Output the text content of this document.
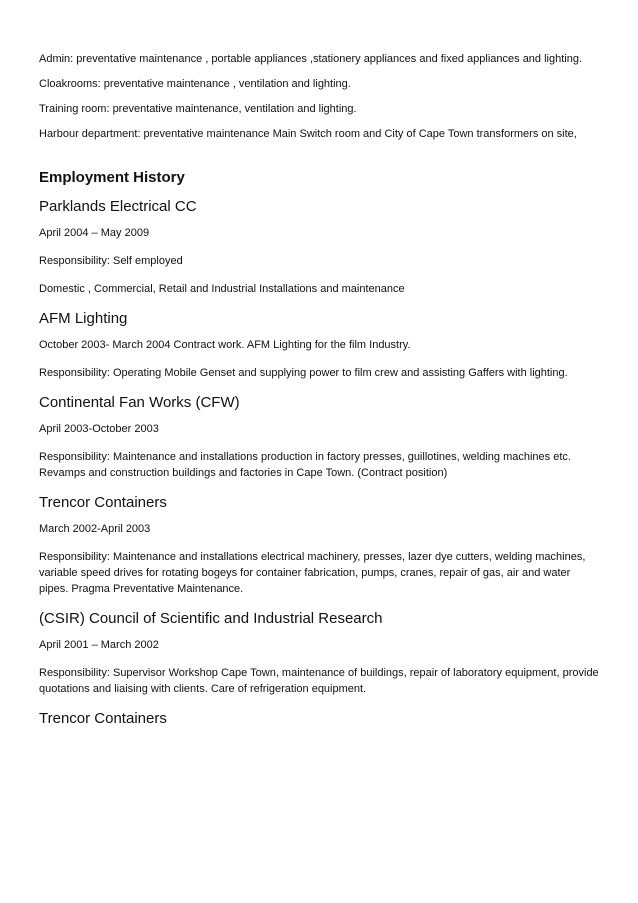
Admin: preventative maintenance , portable appliances ,stationery appliances and fixed appliances and lighting.

Cloakrooms: preventative maintenance , ventilation and lighting.

Training room: preventative maintenance, ventilation and lighting.

Harbour department: preventative maintenance Main Switch room and City of Cape Town transformers on site,

Employment History
Parklands Electrical CC
April 2004 – May 2009
Responsibility: Self employed
Domestic , Commercial, Retail and Industrial Installations and maintenance
AFM Lighting
October 2003- March 2004 Contract work. AFM Lighting for the film Industry.
Responsibility: Operating Mobile Genset and supplying power to film crew and assisting Gaffers with lighting.
Continental Fan Works (CFW)
April 2003-October 2003
Responsibility: Maintenance and installations production in factory presses, guillotines, welding machines etc. Revamps and construction buildings and factories in Cape Town. (Contract position)
Trencor Containers
March 2002-April 2003
Responsibility: Maintenance and installations electrical machinery, presses, lazer dye cutters, welding machines, variable speed drives for rotating bogeys for container fabrication, pumps, cranes, repair of gas, air and water pipes. Pragma Preventative Maintenance.
(CSIR) Council of Scientific and Industrial Research
April 2001 – March 2002
Responsibility: Supervisor Workshop Cape Town, maintenance of buildings, repair of laboratory equipment, provide quotations and liaising with clients. Care of refrigeration equipment.
Trencor Containers
